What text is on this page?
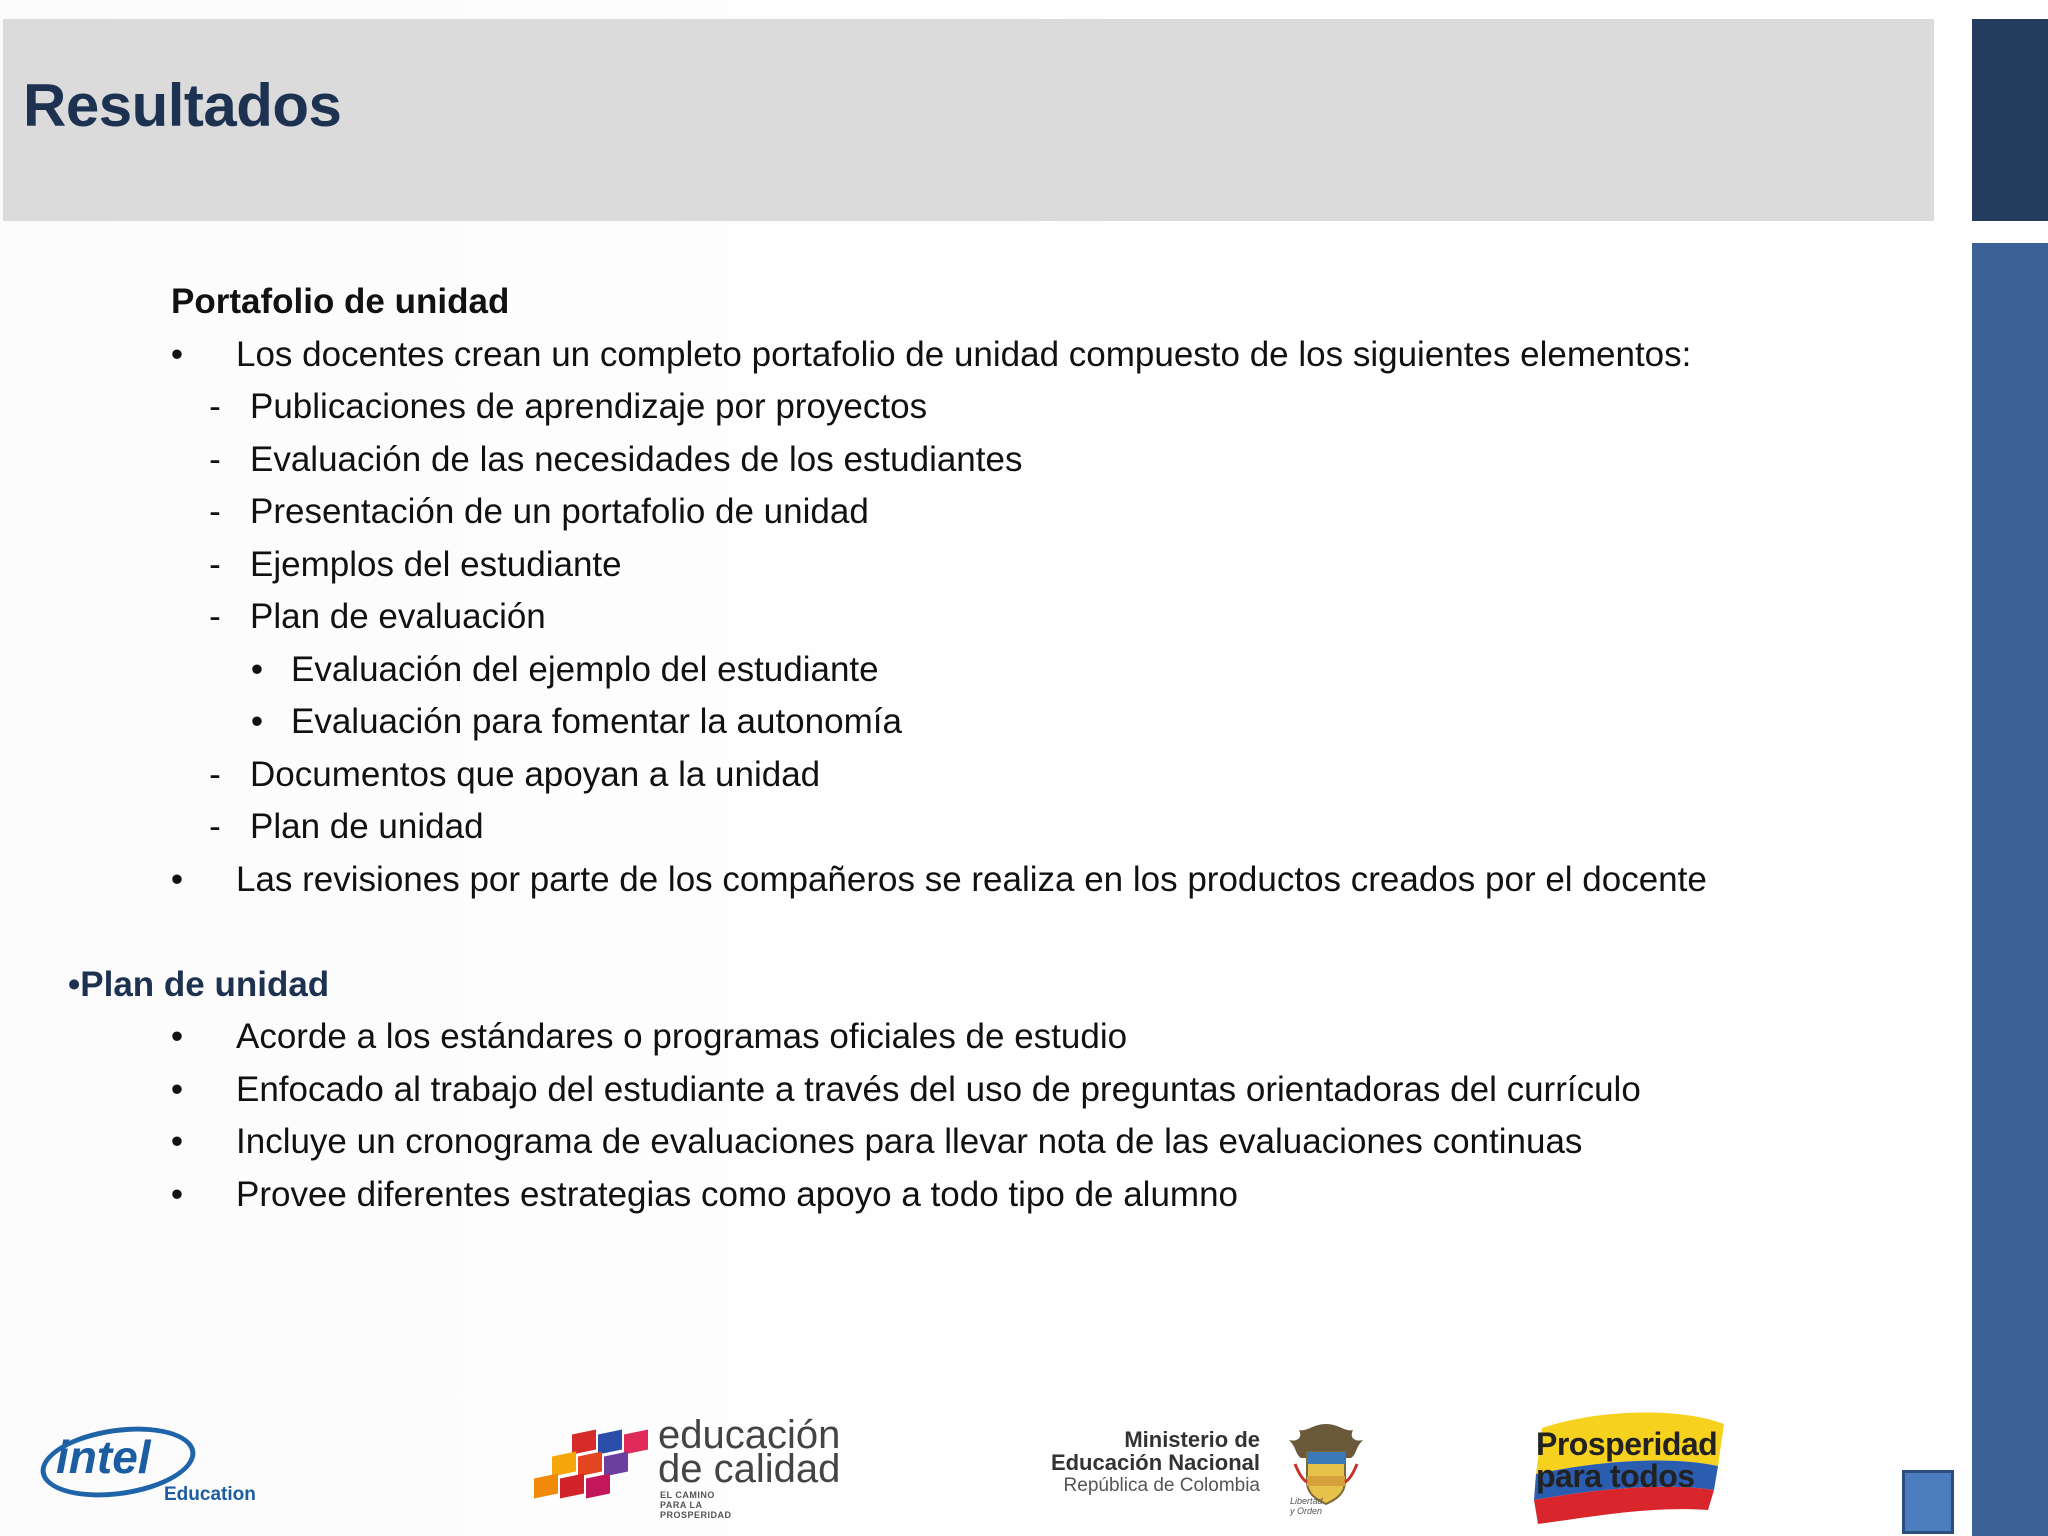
Resultados
Portafolio de unidad
• Los docentes crean un completo portafolio de unidad compuesto de los siguientes elementos:
- Publicaciones de aprendizaje por proyectos
- Evaluación de las necesidades de los estudiantes
- Presentación de un portafolio de unidad
- Ejemplos del estudiante
- Plan de evaluación
• Evaluación del ejemplo del estudiante
• Evaluación para fomentar la autonomía
- Documentos que apoyan a la unidad
- Plan de unidad
• Las revisiones por parte de los compañeros se realiza en los productos creados por el docente
•Plan de unidad
• Acorde a los estándares o programas oficiales de estudio
• Enfocado al trabajo del estudiante a través del uso de preguntas orientadoras del currículo
• Incluye un cronograma de evaluaciones para llevar nota de las evaluaciones continuas
• Provee diferentes estrategias como apoyo a todo tipo de alumno
intel
Education
educación
de calidad
EL CAMINO PARA LA PROSPERIDAD
Ministerio de
Educación Nacional
República de Colombia
Libertad y Orden
Prosperidad
para todos
